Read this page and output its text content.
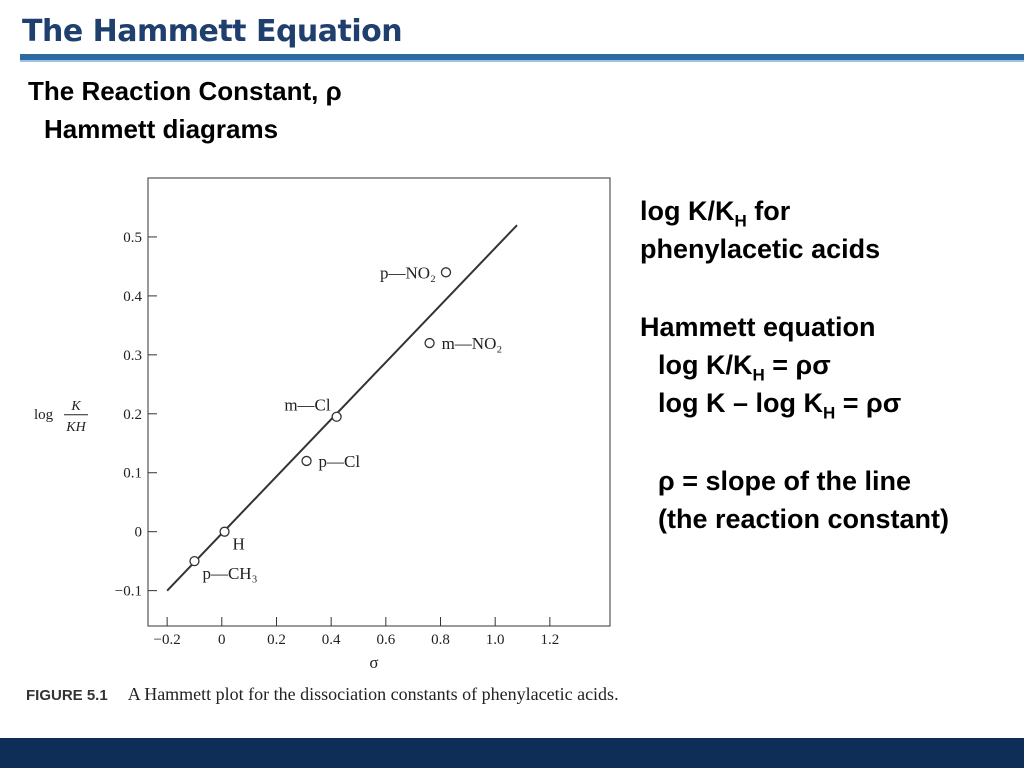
The Hammett Equation
The Reaction Constant, ρ
Hammett diagrams
−0.1
0
0.1
0.2
0.3
0.4
0.5
−0.2 0	0.2 0.4 0.6 0.8 1.0 1.2
σ
log
K
KH
p—CH₃
H
p—Cl
m—Cl
m—NO₂
p—NO₂
FIGURE 5.1 A Hammett plot for the dissociation constants of phenylacetic acids.

$\log K/K_H$ for

phenylacetic acids

Hammett equation

$\log K/K_H = \rho\sigma$

$\log K - \log K_H = \rho\sigma$

ρ = slope of the line

(the reaction constant)
